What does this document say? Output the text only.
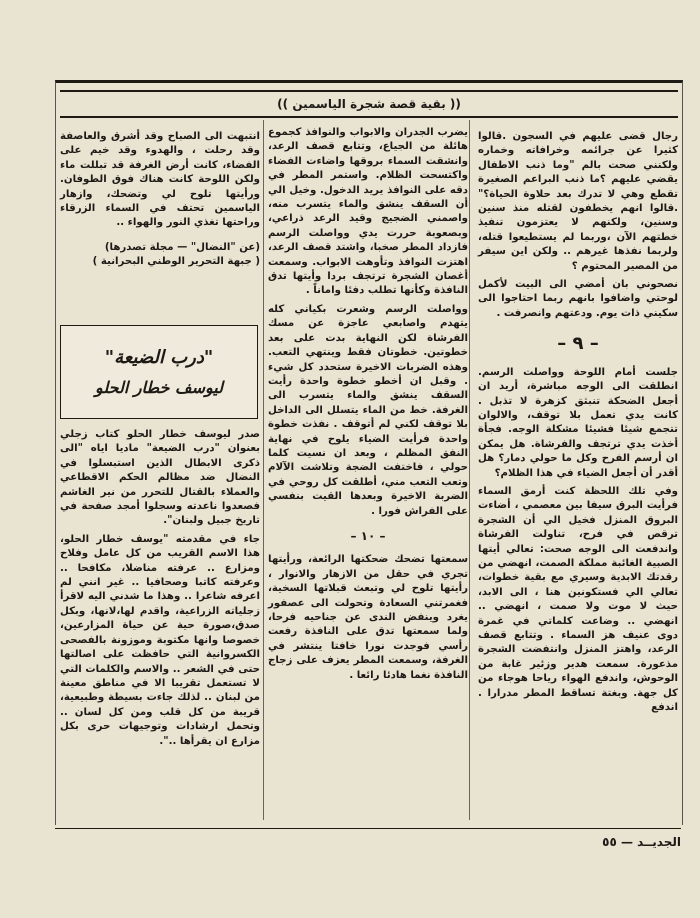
(( بقية قصة شجرة الياسمين ))

رجال قضى عليهم في السجون .قالوا كثيرا عن جرائمه وخرافاته وخماره ولكنني صحت بالم "وما ذنب الاطفال يقضي عليهم ؟ما ذنب البراعم الصغيرة تقطع وهي لا تدرك بعد حلاوة الحياة؟" .قالوا انهم يخطفون لقتله منذ سنين وسنين، ولكنهم لا يعتزمون تنفيذ خطتهم الآن ،وربما لم يستطيعوا قتله، ولربما نفذها غيرهم .. ولكن اين سيفر من المصير المحتوم ؟

نصحوني بان أمضي الى البيت لأكمل لوحتي واضافوا بانهم ربما احتاجوا الى سكيني ذات يوم. ودعتهم وانصرفت .

– ٩ –

جلست أمام اللوحة وواصلت الرسم. انطلقت الى الوجه مباشرة، أريد ان أجعل الضحكة تنبثق كزهرة لا تذبل . كانت يدي تعمل بلا توقف، والالوان تتجمع شيئا فشيئا مشكلة الوجه. فجأة أخذت يدي ترتجف والفرشاة. هل يمكن ان أرسم الفرح وكل ما حولي دمار؟ هل أقدر أن أجعل الضياء في هذا الظلام؟

وفي تلك اللحظة كنت أرمق السماء فرأيت البرق سيفا بين معصمي ، أضاءت البروق المنزل فخيل الي أن الشجرة ترقص في فرح، تناولت الفرشاة واندفعت الى الوجه صحت: تعالي أيتها الصبية الغائبة مملكة الصمت، انهضي من رقدتك الابدية وسيري مع بقية خطوات، تعالي الي فستكونين هنا ، الى الابد، حيث لا موت ولا صمت ، انهضي .. انهضي .. وضاعت كلماتي في غمرة دوى عنيف هز السماء . وتتابع قصف الرعد، واهتز المنزل وانتفضت الشجرة مذعورة. سمعت هدير وزئير غابة من الوحوش، واندفع الهواء رياحا هوجاء من كل جهة. وبغتة تساقط المطر مدرارا . اندفع

يضرب الجدران والابواب والنوافذ كجموع هائلة من الجياع، وتتابع قصف الرعد، وانشقت السماء بروقها واضاءت الفضاء واكتسحت الظلام. واستمر المطر في دقه على النوافذ يريد الدخول. وخيل الي أن السقف ينشق والماء يتسرب منه، واصمني الضجيج وقيد الرعد ذراعي، وبصعوبة حررت يدي وواصلت الرسم فازداد المطر صخبا، واشتد قصف الرعد، اهتزت النوافذ وتأوهت الابواب. وسمعت أغصان الشجرة ترتجف بردا وأيتها تدق النافذة وكأنها تطلب دفئا واماناً .

وواصلت الرسم وشعرت بكياني كله يتهدم واصابعي عاجزة عن مسك الفرشاة لكن النهاية بدت على بعد خطوتين. خطوتان فقط وينتهي التعب. وهذه الضربات الاخيرة ستحدد كل شيء . وقبل ان أخطو خطوة واحدة رأيت السقف ينشق والماء يتسرب الى الغرفة. خط من الماء يتسلل الى الداخل بلا توقف لكني لم أتوقف . نفذت خطوة واحدة فرأيت الضياء يلوح في نهاية النفق المظلم ، وبعد ان نسيت كلما حولي ، فاختفت الضجة وتلاشت الآلام وتعب التعب مني، أطلقت كل روحي في الضربة الاخيرة وبعدها القيت بنفسي على الفراش فورا .

– ١٠ –

سمعتها تضحك ضحكتها الرائعة، ورأيتها تجري في حقل من الازهار والانوار ، رأيتها تلوح لي وتبعث قبلاتها السخية، فغمرتني السعادة وتحولت الى عصفور يغرد وينفض الندى عن جناحيه فرحا، ولما سمعتها تدق على النافذة رفعت رأسي فوجدت نورا خافتا ينتشر في الغرفة، وسمعت المطر يعزف على زجاج النافذة نغما هادئا رائعا .

انتبهت الى الصباح وقد أشرق والعاصفة وقد رحلت ، والهدوء وقد خيم على الفضاء، كانت أرض الغرفة قد تبللت ماء ولكن اللوحة كانت هناك فوق الطوفان. ورأيتها تلوح لي وتضحك، وازهار الياسمين تحتف في السماء الزرقاء وراحتها تغذي النور والهواء ..

(عن "النضال" — مجلة تصدرها)
( جبهة التحرير الوطني البحرانية )
"درب الضيعة"
ليوسف خطار الحلو

صدر ليوسف خطار الحلو كتاب زجلي بعنوان "درب الضيعة" ماديا اياه "الى ذكرى الابطال الذين استبسلوا في النضال ضد مظالم الحكم الاقطاعي والعملاء بالقتال للتحرر من نير الغاشم فصعدوا ناعدته وسجلوا أمجد صفحة في تاريخ جبيل ولبنان".

جاء في مقدمته "يوسف خطار الحلو، هذا الاسم القريب من كل عامل وفلاح ومزارع .. عرفته مناضلا، مكافحا .. وعرفته كاتبا وصحافيا .. غير انني لم اعرفه شاعرا .. وهذا ما شدني اليه لاقرأ زجلياته الزراعية، واقدم لها،لانها، وبكل صدق،صورة حية عن حياة المزارعين، خصوصا وانها مكتوبة وموزونة بالفصحى الكسروانية التي حافظت على اصالتها حتى في الشعر .. والاسم والكلمات التي لا تستعمل تقريبا الا في مناطق معينة من لبنان .. لذلك جاءت بسيطة وطبيعية، قريبة من كل قلب ومن كل لسان .. وتحمل ارشادات وتوجيهات حرى بكل مزارع ان يقرأها ..".

الجديــد — ٥٥
